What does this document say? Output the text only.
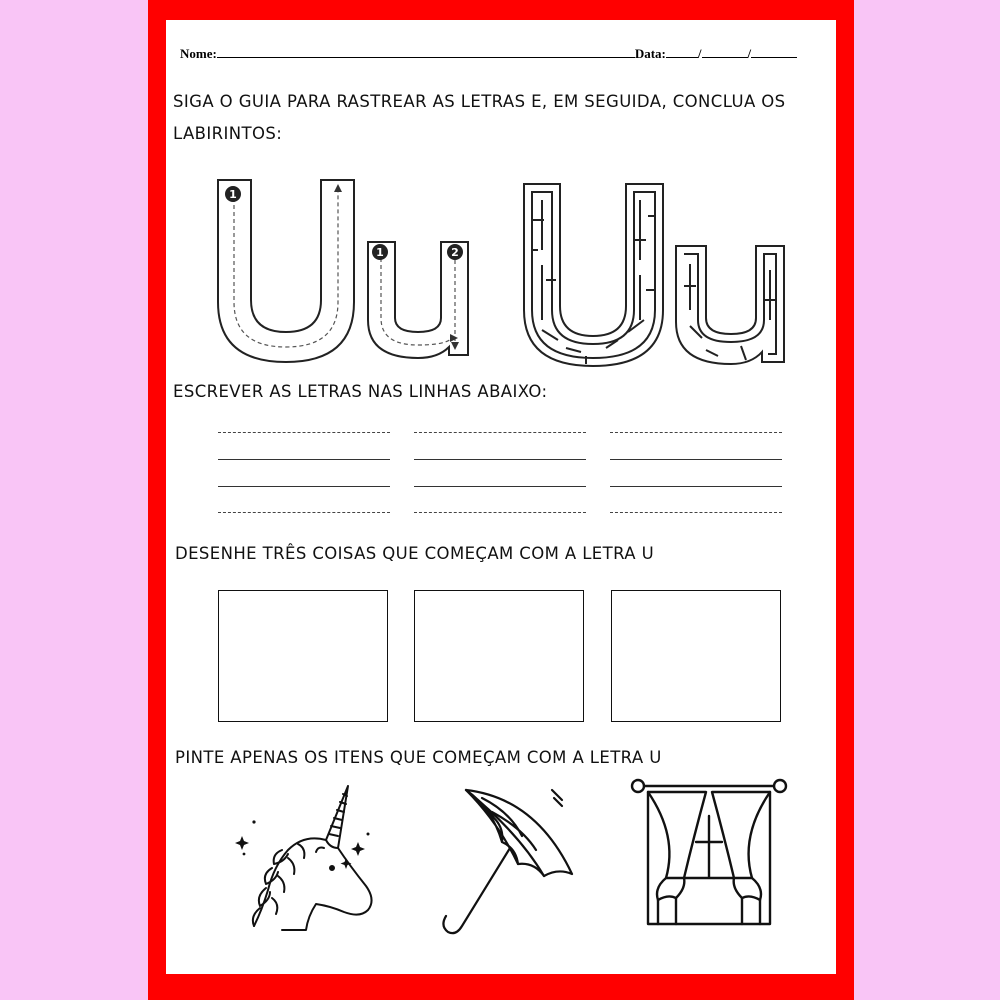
Nome:	Data: /	/
SIGA O GUIA PARA RASTREAR AS LETRAS E, EM SEGUIDA, CONCLUA OS LABIRINTOS:
1
1	2
ESCREVER AS LETRAS NAS LINHAS ABAIXO:
DESENHE TRÊS COISAS QUE COMEÇAM COM A LETRA U
PINTE APENAS OS ITENS QUE COMEÇAM COM A LETRA U
